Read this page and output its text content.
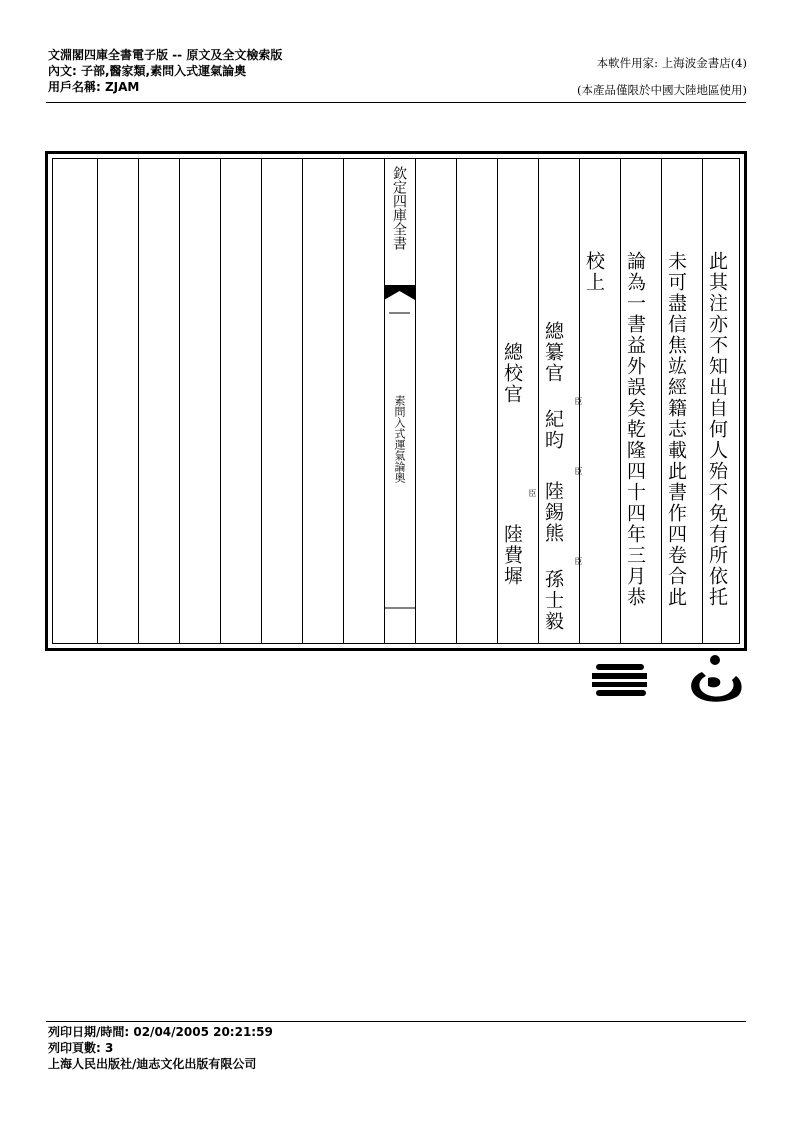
文淵閣四庫全書電子版 -- 原文及全文檢索版
內文: 子部,醫家類,素問入式運氣論奧
用戶名稱: ZJAM
本軟件用家: 上海波金書店(4)
(本產品僅限於中國大陸地區使用)
欽定四庫全書
素問入式運氣論奧	此其注亦不知出自何人殆不免有所依托
未可盡信焦竑經籍志載此書作四卷合此
論為一書益外誤矣乾隆四十四年三月恭
校上
總纂官
臣
紀昀
臣
陸錫熊
臣
孫士毅
總校官
臣
陸費墀
列印日期/時間: 02/04/2005 20:21:59
列印頁數: 3
上海人民出版社/迪志文化出版有限公司
